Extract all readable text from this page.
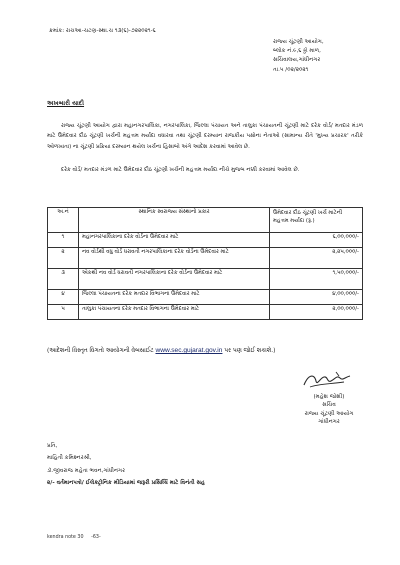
ક્રમાંક: રાચઆ-ચટણ-સ્થા.ચ ૧૩(૬)-૭૨૨૦૨૧-૬
રાજ્ય ચૂંટણી આયોગ,
બ્લોક નં.૯,૬ ઠ્ઠો માળ,
સચિવાલય,ગાંધીનગર
તા.૫ /૦૨/૨૦૨૧
અખબારી યાદી
રાજ્ય ચૂંટણી આયોગ દ્વારા મહાનગરપાલિકા, નગરપાલિકા, જિલ્લા પંચાયત અને તાલુકા પંચાયતની ચૂંટણી માટે દરેક વોર્ડ/ મતદાર મંડળ માટે ઉમેદવાર દીઠ ચૂંટણી ખર્ચની મહત્તમ મર્યાદા વધારવા તથા ચૂંટણી દરમ્યાન રાજકીય પક્ષોના નેતાઓ (સામાન્ય રીતે 'મુખ્ય પ્રચારક' તરીકે ઓળખાતા) ના ચૂંટણી પ્રક્રિયા દરમ્યાન થયેલ ખર્ચના હિસાબો અંગે આદેશ કરવામાં આવેલ છે.
દરેક વોર્ડ/ મતદાર મંડળ માટે ઉમેદવાર દીઠ ચૂંટણી ખર્ચની મહત્તમ મર્યાદા નીચે મુજબ નક્કી કરવામાં આવેલ છે.
અ.નં	સ્થાનિક સ્વરાજ્ય સંસ્થાનો પ્રકાર	ઉમેદવાર દીઠ ચૂંટણી ખર્ચ માટેની મહત્તમ મર્યાદા (રૂ.)
૧	મહાનગરપાલિકાના દરેક વોર્ડના ઉમેદવાર માટે	૬,૦૦,૦૦૦/-
૨	નવ વોર્ડથી વધુ વોર્ડ ધરાવતી નગરપાલિકાના દરેક વોર્ડના ઉમેદવાર માટે	૨,૨૫,૦૦૦/-
૩	એકથી નવ વોર્ડ ધરાવતી નગરપાલિકાના દરેક વોર્ડના ઉમેદવાર માટે	૧,૫૦,૦૦૦/-
૪	જિલ્લા પંચાયતના દરેક મતદાર વિભાગના ઉમેદવાર માટે	૪,૦૦,૦૦૦/-
૫	તાલુકા પંચાયતના દરેક મતદાર વિભાગના ઉમેદવાર માટે	૨,૦૦,૦૦૦/-
(આદેશની વિસ્તૃત વિગતો આયોગની વેબસાઈટ www.sec.gujarat.gov.in પર પણ જોઈ શકાશે.)
(મહેશ જોશી)
સચિવ
રાજ્ય ચૂંટણી આયોગ
ગાંધીનગર
પ્રતિ,
માહિતી કમિશ્નરશ્રી,
ડૉ.જીવરાજ મહેતા ભવન,ગાંધીનગર
૨/- વર્તમાનપત્રો/ ઈલેક્ટ્રોનિક મીડિયામાં જરૂરી પ્રસિધ્ધિ માટે વિનંતી સહ
kendra note 30 -63-
